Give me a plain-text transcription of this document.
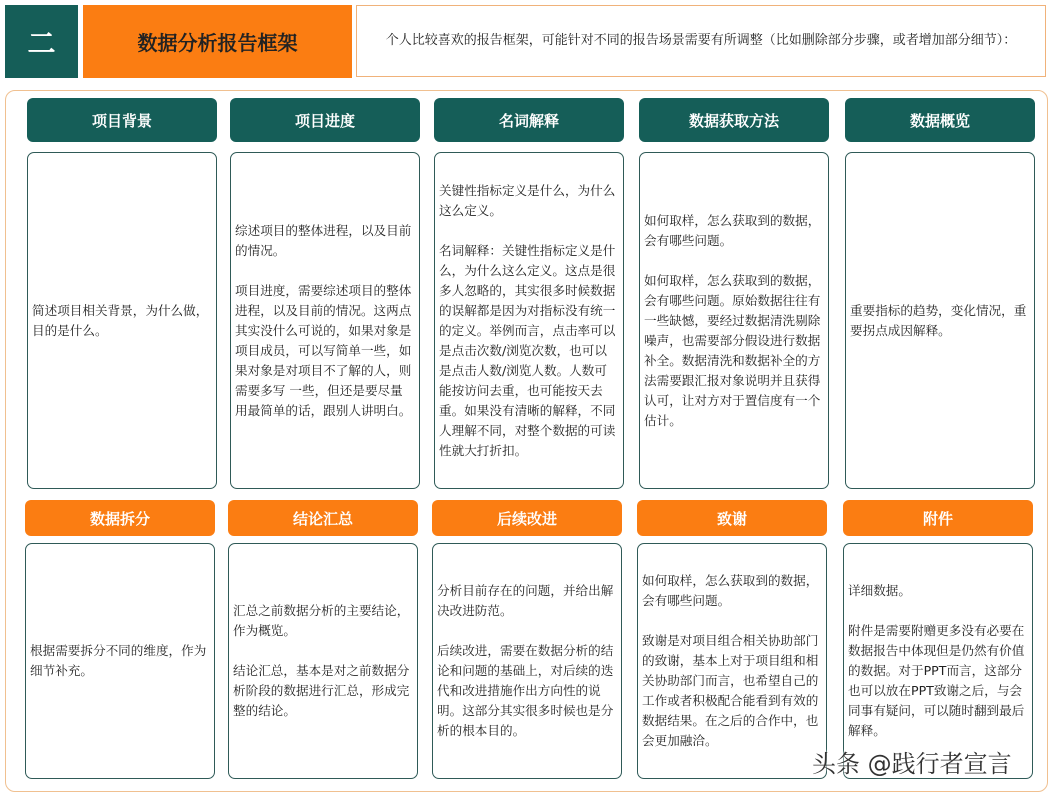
二	数据分析报告框架	个人比较喜欢的报告框架，可能针对不同的报告场景需要有所调整（比如删除部分步骤，或者增加部分细节）：
项目背景
简述项目相关背景，为什么做，目的是什么。
项目进度
综述项目的整体进程，以及目前的情况。

项目进度，需要综述项目的整体进程，以及目前的情况。这两点其实没什么可说的，如果对象是项目成员，可以写简单一些，如果对象是对项目不了解的人，则需要多写 一些，但还是要尽量用最简单的话，跟别人讲明白。
名词解释
关键性指标定义是什么，为什么这么定义。

名词解释：关键性指标定义是什么，为什么这么定义。这点是很多人忽略的，其实很多时候数据的误解都是因为对指标没有统一的定义。举例而言，点击率可以是点击次数/浏览次数，也可以是点击人数/浏览人数。人数可能按访问去重，也可能按天去重。如果没有清晰的解释，不同人理解不同，对整个数据的可读性就大打折扣。
数据获取方法
如何取样，怎么获取到的数据，会有哪些问题。

如何取样，怎么获取到的数据，会有哪些问题。原始数据往往有一些缺憾，要经过数据清洗剔除噪声，也需要部分假设进行数据补全。数据清洗和数据补全的方法需要跟汇报对象说明并且获得认可，让对方对于置信度有一个估计。
数据概览
重要指标的趋势，变化情况，重要拐点成因解释。
数据拆分
根据需要拆分不同的维度，作为细节补充。
结论汇总
汇总之前数据分析的主要结论，作为概览。

结论汇总，基本是对之前数据分析阶段的数据进行汇总，形成完整的结论。
后续改进
分析目前存在的问题，并给出解决改进防范。

后续改进，需要在数据分析的结论和问题的基础上，对后续的迭代和改进措施作出方向性的说明。这部分其实很多时候也是分析的根本目的。
致谢
如何取样，怎么获取到的数据，会有哪些问题。

致谢是对项目组合相关协助部门的致谢，基本上对于项目组和相关协助部门而言，也希望自己的工作或者积极配合能看到有效的数据结果。在之后的合作中，也会更加融洽。
附件
详细数据。

附件是需要附赠更多没有必要在数据报告中体现但是仍然有价值的数据。对于PPT而言，这部分也可以放在PPT致谢之后，与会同事有疑问，可以随时翻到最后解释。
头条 @践行者宣言
